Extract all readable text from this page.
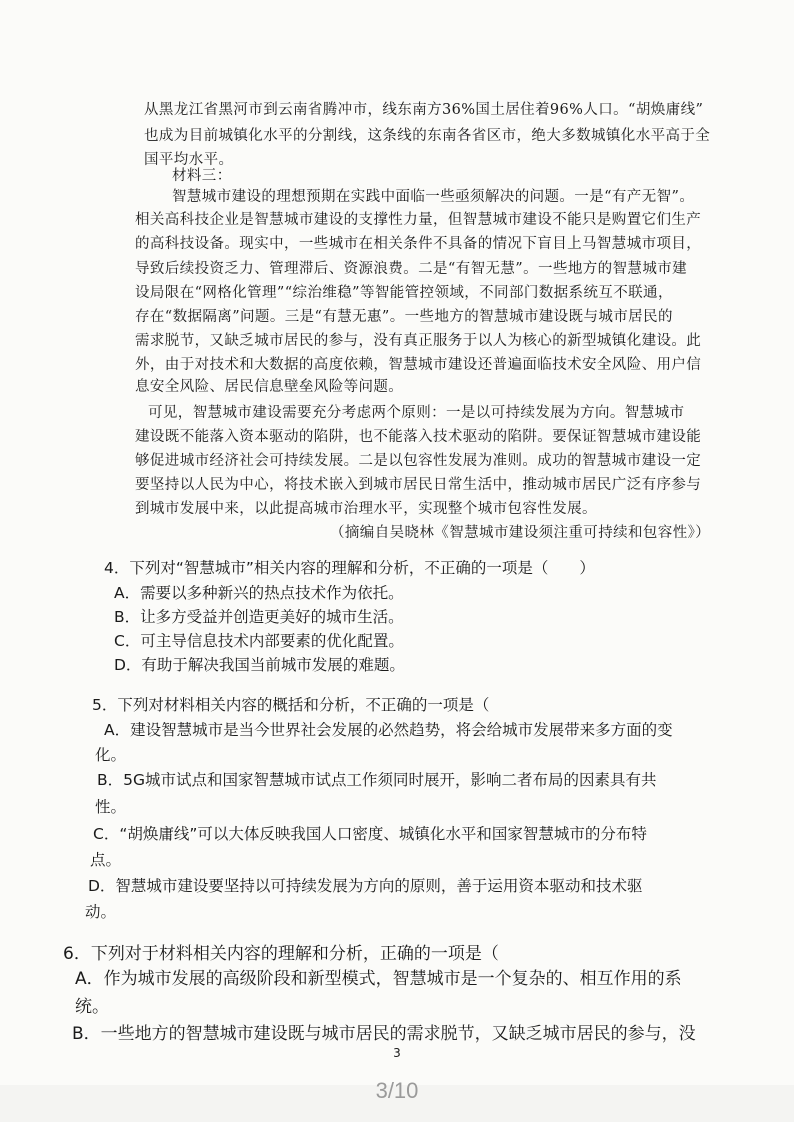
从黑龙江省黑河市到云南省腾冲市，线东南方36%国土居住着96%人口。“胡焕庸线”
也成为目前城镇化水平的分割线，这条线的东南各省区市，绝大多数城镇化水平高于全
国平均水平。
材料三：
智慧城市建设的理想预期在实践中面临一些亟须解决的问题。一是“有产无智”。
相关高科技企业是智慧城市建设的支撑性力量，但智慧城市建设不能只是购置它们生产
的高科技设备。现实中，一些城市在相关条件不具备的情况下盲目上马智慧城市项目，
导致后续投资乏力、管理滞后、资源浪费。二是“有智无慧”。一些地方的智慧城市建
设局限在“网格化管理”“综治维稳”等智能管控领域，不同部门数据系统互不联通，
存在“数据隔离”问题。三是“有慧无惠”。一些地方的智慧城市建设既与城市居民的
需求脱节，又缺乏城市居民的参与，没有真正服务于以人为核心的新型城镇化建设。此
外，由于对技术和大数据的高度依赖，智慧城市建设还普遍面临技术安全风险、用户信
息安全风险、居民信息壁垒风险等问题。
可见，智慧城市建设需要充分考虑两个原则：一是以可持续发展为方向。智慧城市
建设既不能落入资本驱动的陷阱，也不能落入技术驱动的陷阱。要保证智慧城市建设能
够促进城市经济社会可持续发展。二是以包容性发展为准则。成功的智慧城市建设一定
要坚持以人民为中心，将技术嵌入到城市居民日常生活中，推动城市居民广泛有序参与
到城市发展中来，以此提高城市治理水平，实现整个城市包容性发展。
（摘编自吴晓林《智慧城市建设须注重可持续和包容性》）
4．下列对“智慧城市”相关内容的理解和分析，不正确的一项是（　　）
A．需要以多种新兴的热点技术作为依托。
B．让多方受益并创造更美好的城市生活。
C．可主导信息技术内部要素的优化配置。
D．有助于解决我国当前城市发展的难题。
5．下列对材料相关内容的概括和分析，不正确的一项是（
A．建设智慧城市是当今世界社会发展的必然趋势，将会给城市发展带来多方面的变
化。
B．5G城市试点和国家智慧城市试点工作须同时展开，影响二者布局的因素具有共
性。
C．“胡焕庸线”可以大体反映我国人口密度、城镇化水平和国家智慧城市的分布特
点。
D．智慧城市建设要坚持以可持续发展为方向的原则，善于运用资本驱动和技术驱
动。
6．下列对于材料相关内容的理解和分析，正确的一项是（
A．作为城市发展的高级阶段和新型模式，智慧城市是一个复杂的、相互作用的系
统。
B．一些地方的智慧城市建设既与城市居民的需求脱节，又缺乏城市居民的参与，没
3
3/10
